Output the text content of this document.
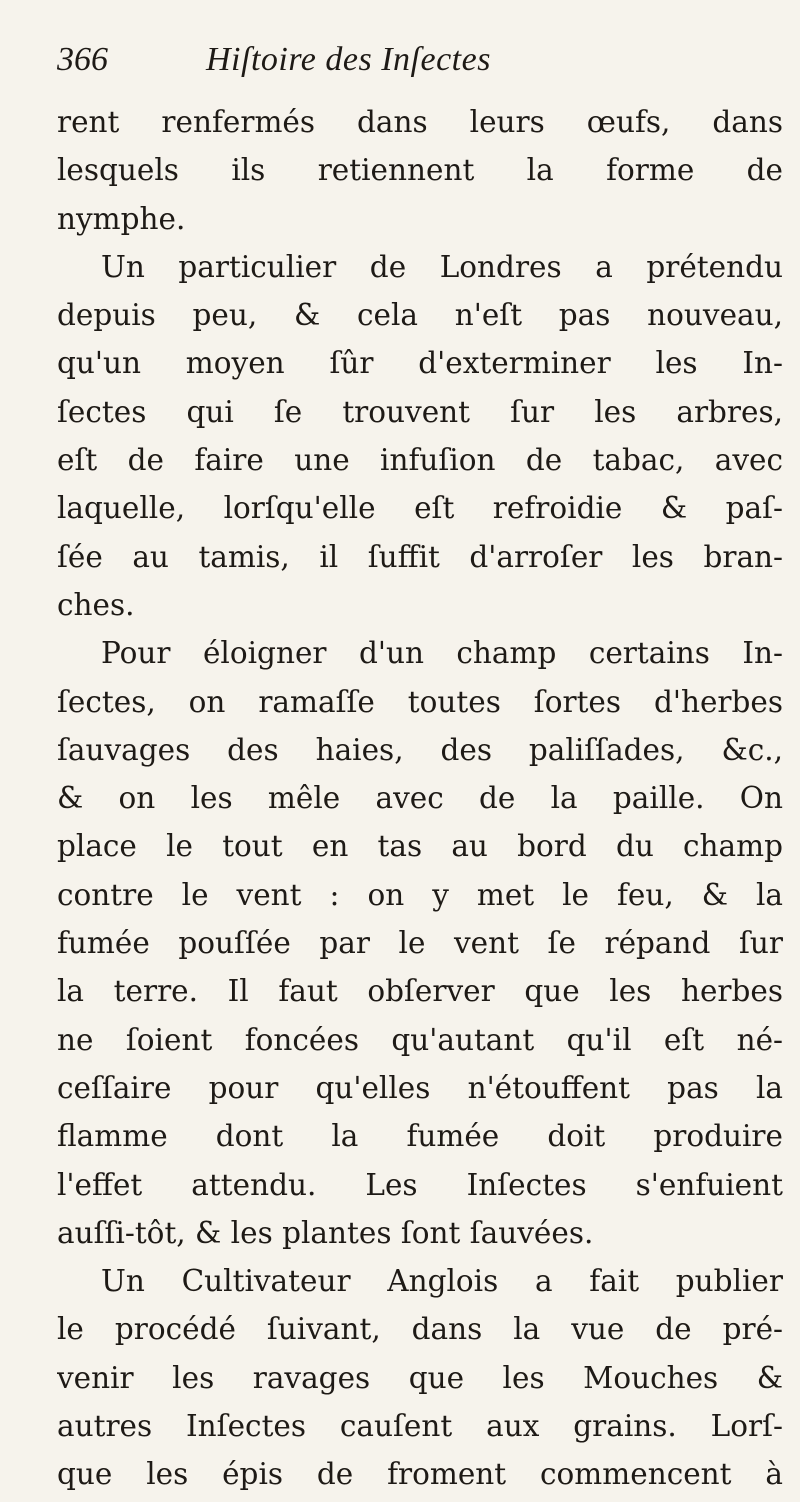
366	Hiſtoire des Inſectes
rent renfermés dans leurs œufs, dans
lesquels ils retiennent la forme de
nymphe.
Un particulier de Londres a prétendu
depuis peu, & cela n'eſt pas nouveau,
qu'un moyen ſûr d'exterminer les In-
ſectes qui ſe trouvent ſur les arbres,
eſt de faire une infuſion de tabac, avec
laquelle, lorſqu'elle eſt refroidie & paſ-
ſée au tamis, il ſuffit d'arroſer les bran-
ches.
Pour éloigner d'un champ certains In-
ſectes, on ramaſſe toutes ſortes d'herbes
ſauvages des haies, des paliſſades, &c.,
& on les mêle avec de la paille. On
place le tout en tas au bord du champ
contre le vent : on y met le feu, & la
fumée pouſſée par le vent ſe répand ſur
la terre. Il faut obſerver que les herbes
ne ſoient foncées qu'autant qu'il eſt né-
ceſſaire pour qu'elles n'étouffent pas la
flamme dont la fumée doit produire
l'effet attendu. Les Inſectes s'enfuient
auſſi-tôt, & les plantes ſont ſauvées.
Un Cultivateur Anglois a fait publier
le procédé ſuivant, dans la vue de pré-
venir les ravages que les Mouches &
autres Inſectes cauſent aux grains. Lorſ-
que les épis de froment commencent à
